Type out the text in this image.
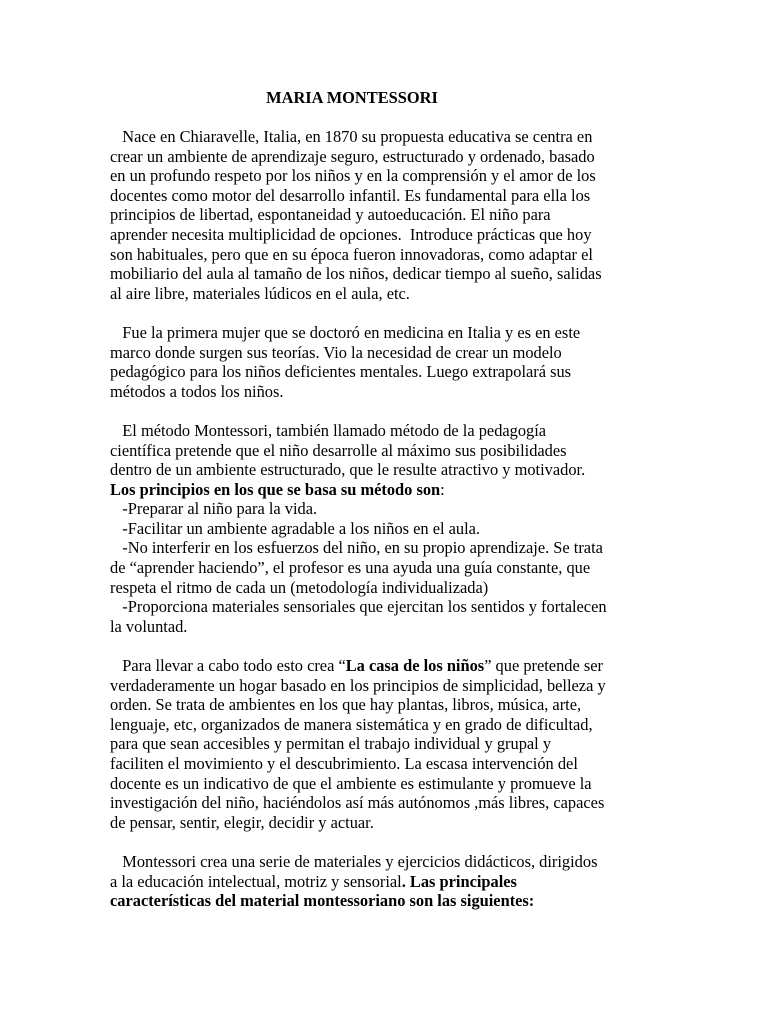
MARIA MONTESSORI

Nace en Chiaravelle, Italia, en 1870 su propuesta educativa se centra en
crear un ambiente de aprendizaje seguro, estructurado y ordenado, basado
en un profundo respeto por los niños y en la comprensión y el amor de los
docentes como motor del desarrollo infantil. Es fundamental para ella los
principios de libertad, espontaneidad y autoeducación. El niño para
aprender necesita multiplicidad de opciones.  Introduce prácticas que hoy
son habituales, pero que en su época fueron innovadoras, como adaptar el
mobiliario del aula al tamaño de los niños, dedicar tiempo al sueño, salidas
al aire libre, materiales lúdicos en el aula, etc.

Fue la primera mujer que se doctoró en medicina en Italia y es en este
marco donde surgen sus teorías. Vio la necesidad de crear un modelo
pedagógico para los niños deficientes mentales. Luego extrapolará sus
métodos a todos los niños.

El método Montessori, también llamado método de la pedagogía
científica pretende que el niño desarrolle al máximo sus posibilidades
dentro de un ambiente estructurado, que le resulte atractivo y motivador.
Los principios en los que se basa su método son:
-Preparar al niño para la vida.
-Facilitar un ambiente agradable a los niños en el aula.
-No interferir en los esfuerzos del niño, en su propio aprendizaje. Se trata
de “aprender haciendo”, el profesor es una ayuda una guía constante, que
respeta el ritmo de cada un (metodología individualizada)
-Proporciona materiales sensoriales que ejercitan los sentidos y fortalecen
la voluntad.

Para llevar a cabo todo esto crea “La casa de los niños” que pretende ser
verdaderamente un hogar basado en los principios de simplicidad, belleza y
orden. Se trata de ambientes en los que hay plantas, libros, música, arte,
lenguaje, etc, organizados de manera sistemática y en grado de dificultad,
para que sean accesibles y permitan el trabajo individual y grupal y
faciliten el movimiento y el descubrimiento. La escasa intervención del
docente es un indicativo de que el ambiente es estimulante y promueve la
investigación del niño, haciéndolos así más autónomos ,más libres, capaces
de pensar, sentir, elegir, decidir y actuar.

Montessori crea una serie de materiales y ejercicios didácticos, dirigidos
a la educación intelectual, motriz y sensorial. Las principales
características del material montessoriano son las siguientes:
